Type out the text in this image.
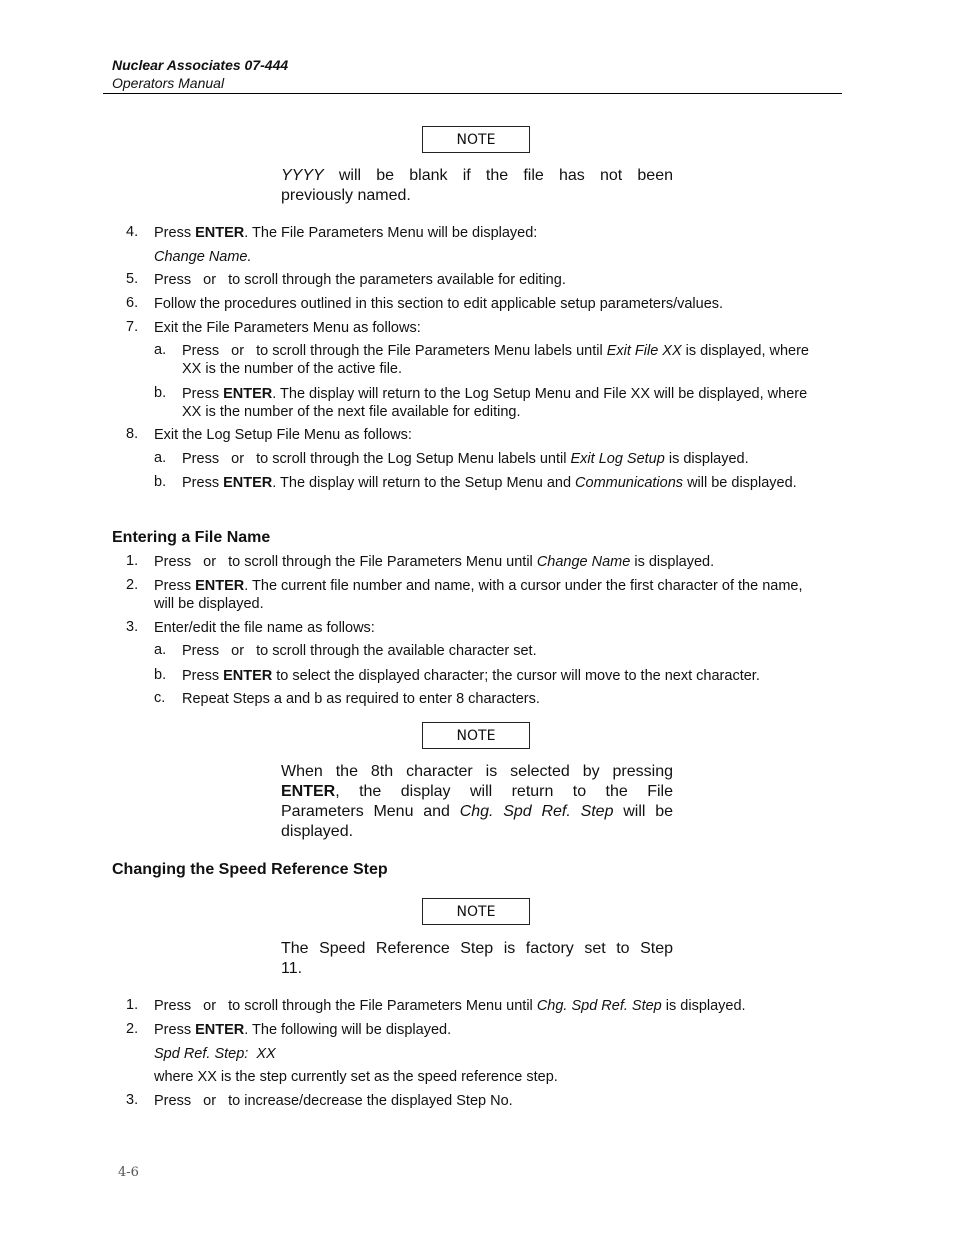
Nuclear Associates 07-444
Operators Manual
NOTE
YYYY will be blank if the file has not been
previously named.
4. Press ENTER. The File Parameters Menu will be displayed:
Change Name.
5. Press   or   to scroll through the parameters available for editing.
6. Follow the procedures outlined in this section to edit applicable setup parameters/values.
7. Exit the File Parameters Menu as follows:
a. Press   or   to scroll through the File Parameters Menu labels until Exit File XX is displayed, where XX is the number of the active file.
b. Press ENTER. The display will return to the Log Setup Menu and File XX will be displayed, where XX is the number of the next file available for editing.
8. Exit the Log Setup File Menu as follows:
a. Press   or   to scroll through the Log Setup Menu labels until Exit Log Setup is displayed.
b. Press ENTER. The display will return to the Setup Menu and Communications will be displayed.
Entering a File Name
1. Press   or   to scroll through the File Parameters Menu until Change Name is displayed.
2. Press ENTER. The current file number and name, with a cursor under the first character of the name, will be displayed.
3. Enter/edit the file name as follows:
a. Press   or   to scroll through the available character set.
b. Press ENTER to select the displayed character; the cursor will move to the next character.
c. Repeat Steps a and b as required to enter 8 characters.
NOTE
When the 8th character is selected by pressing
ENTER, the display will return to the File
Parameters Menu and Chg. Spd Ref. Step will be
displayed.
Changing the Speed Reference Step
NOTE
The Speed Reference Step is factory set to Step
11.
1. Press   or   to scroll through the File Parameters Menu until Chg. Spd Ref. Step is displayed.
2. Press ENTER. The following will be displayed.
Spd Ref. Step:  XX
where XX is the step currently set as the speed reference step.
3. Press   or   to increase/decrease the displayed Step No.
4-6
